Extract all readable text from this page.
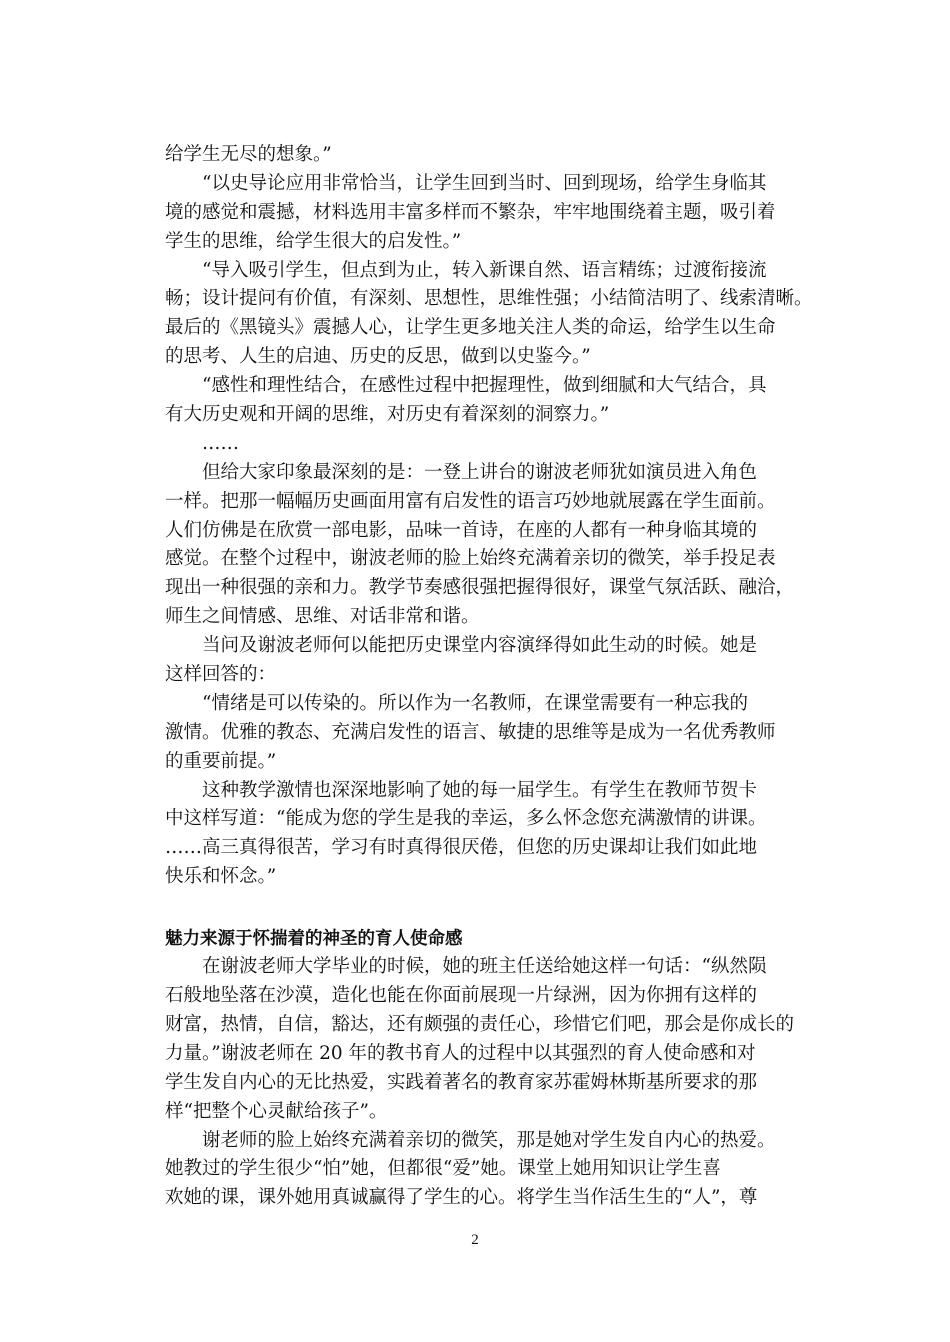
给学生无尽的想象。”
“以史导论应用非常恰当，让学生回到当时、回到现场，给学生身临其
境的感觉和震撼，材料选用丰富多样而不繁杂，牢牢地围绕着主题，吸引着
学生的思维，给学生很大的启发性。”
“导入吸引学生，但点到为止，转入新课自然、语言精练；过渡衔接流
畅；设计提问有价值，有深刻、思想性，思维性强；小结简洁明了、线索清晰。
最后的《黑镜头》震撼人心，让学生更多地关注人类的命运，给学生以生命
的思考、人生的启迪、历史的反思，做到以史鉴今。”
“感性和理性结合，在感性过程中把握理性，做到细腻和大气结合，具
有大历史观和开阔的思维，对历史有着深刻的洞察力。”
……
但给大家印象最深刻的是：一登上讲台的谢波老师犹如演员进入角色
一样。把那一幅幅历史画面用富有启发性的语言巧妙地就展露在学生面前。
人们仿佛是在欣赏一部电影，品味一首诗，在座的人都有一种身临其境的
感觉。在整个过程中，谢波老师的脸上始终充满着亲切的微笑，举手投足表
现出一种很强的亲和力。教学节奏感很强把握得很好，课堂气氛活跃、融洽，
师生之间情感、思维、对话非常和谐。
当问及谢波老师何以能把历史课堂内容演绎得如此生动的时候。她是
这样回答的：
“情绪是可以传染的。所以作为一名教师，在课堂需要有一种忘我的
激情。优雅的教态、充满启发性的语言、敏捷的思维等是成为一名优秀教师
的重要前提。”
这种教学激情也深深地影响了她的每一届学生。有学生在教师节贺卡
中这样写道：“能成为您的学生是我的幸运，多么怀念您充满激情的讲课。
……高三真得很苦，学习有时真得很厌倦，但您的历史课却让我们如此地
快乐和怀念。”
魅力来源于怀揣着的神圣的育人使命感
在谢波老师大学毕业的时候，她的班主任送给她这样一句话：“纵然陨
石般地坠落在沙漠，造化也能在你面前展现一片绿洲，因为你拥有这样的
财富，热情，自信，豁达，还有颇强的责任心，珍惜它们吧，那会是你成长的
力量。”谢波老师在 20 年的教书育人的过程中以其强烈的育人使命感和对
学生发自内心的无比热爱，实践着著名的教育家苏霍姆林斯基所要求的那
样“把整个心灵献给孩子”。
谢老师的脸上始终充满着亲切的微笑，那是她对学生发自内心的热爱。
她教过的学生很少“怕”她，但都很“爱”她。课堂上她用知识让学生喜
欢她的课，课外她用真诚赢得了学生的心。将学生当作活生生的“人”，尊
2
